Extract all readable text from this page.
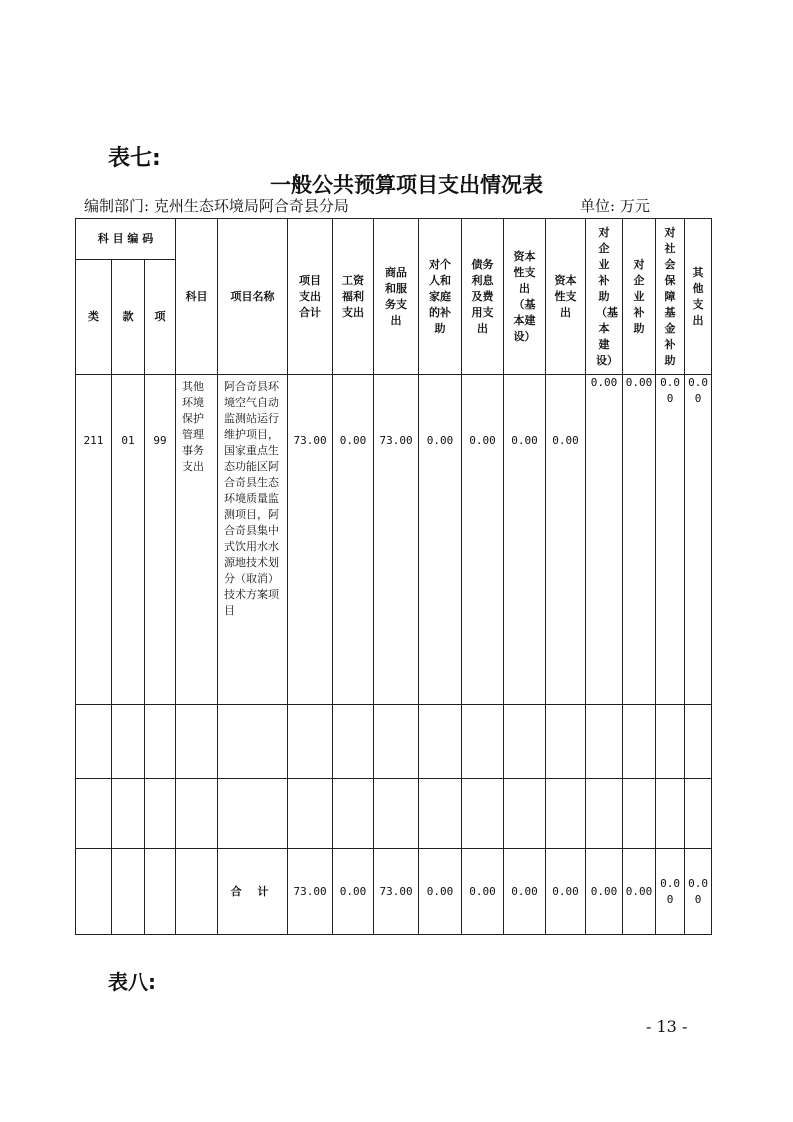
表七:
一般公共预算项目支出情况表
编制部门: 克州生态环境局阿合奇县分局	单位: 万元
科 目 编 码			科目	项目名称	项目支出合计	工资福利支出	商品和服务支出	对个人和家庭的补助	债务利息及费用支出	资本性支出（基本建设）	资本性支出	对企业补助（基本建设）	对企业补助	对社会保障基金补助	其他支出
类	款	项													
211	01	99	其他环境保护管理事务支出	阿合奇县环境空气自动监测站运行维护项目，国家重点生态功能区阿合奇县生态环境质量监测项目，阿合奇县集中式饮用水水源地技术划分（取消）技术方案项目	73.00	0.00	73.00	0.00	0.00	0.00	0.00	0.00	0.00	0.00	0.00

				合 计	73.00	0.00	73.00	0.00	0.00	0.00	0.00	0.00	0.00	0.00	0.00
表八:
- 13 -
